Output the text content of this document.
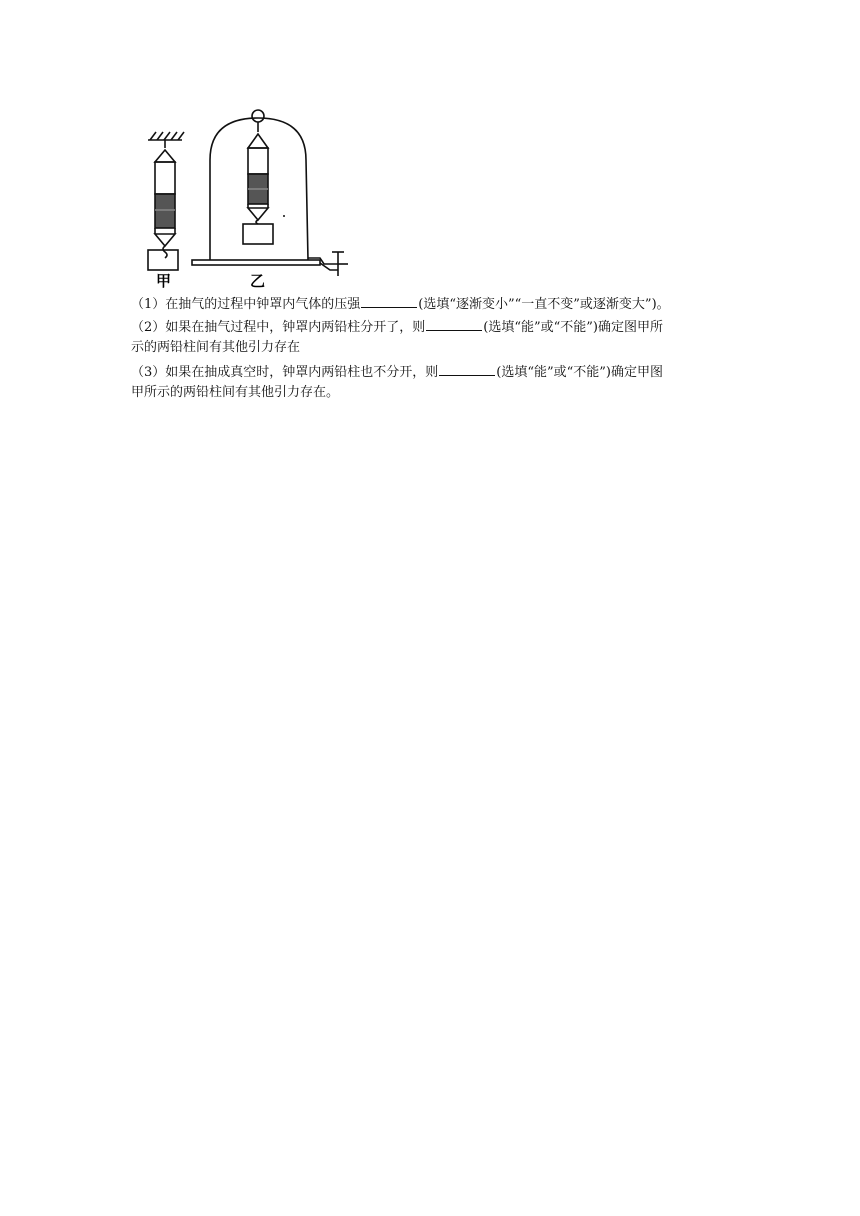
甲	乙
（1）在抽气的过程中钟罩内气体的压强	(选填“逐渐变小”“一直不变”或逐渐变大”)。
（2）如果在抽气过程中，钟罩内两铅柱分开了，则	(选填“能”或“不能”)确定图甲所
示的两铅柱间有其他引力存在
（3）如果在抽成真空时，钟罩内两铅柱也不分开，则	(选填“能”或“不能”)确定甲图
甲所示的两铅柱间有其他引力存在。
